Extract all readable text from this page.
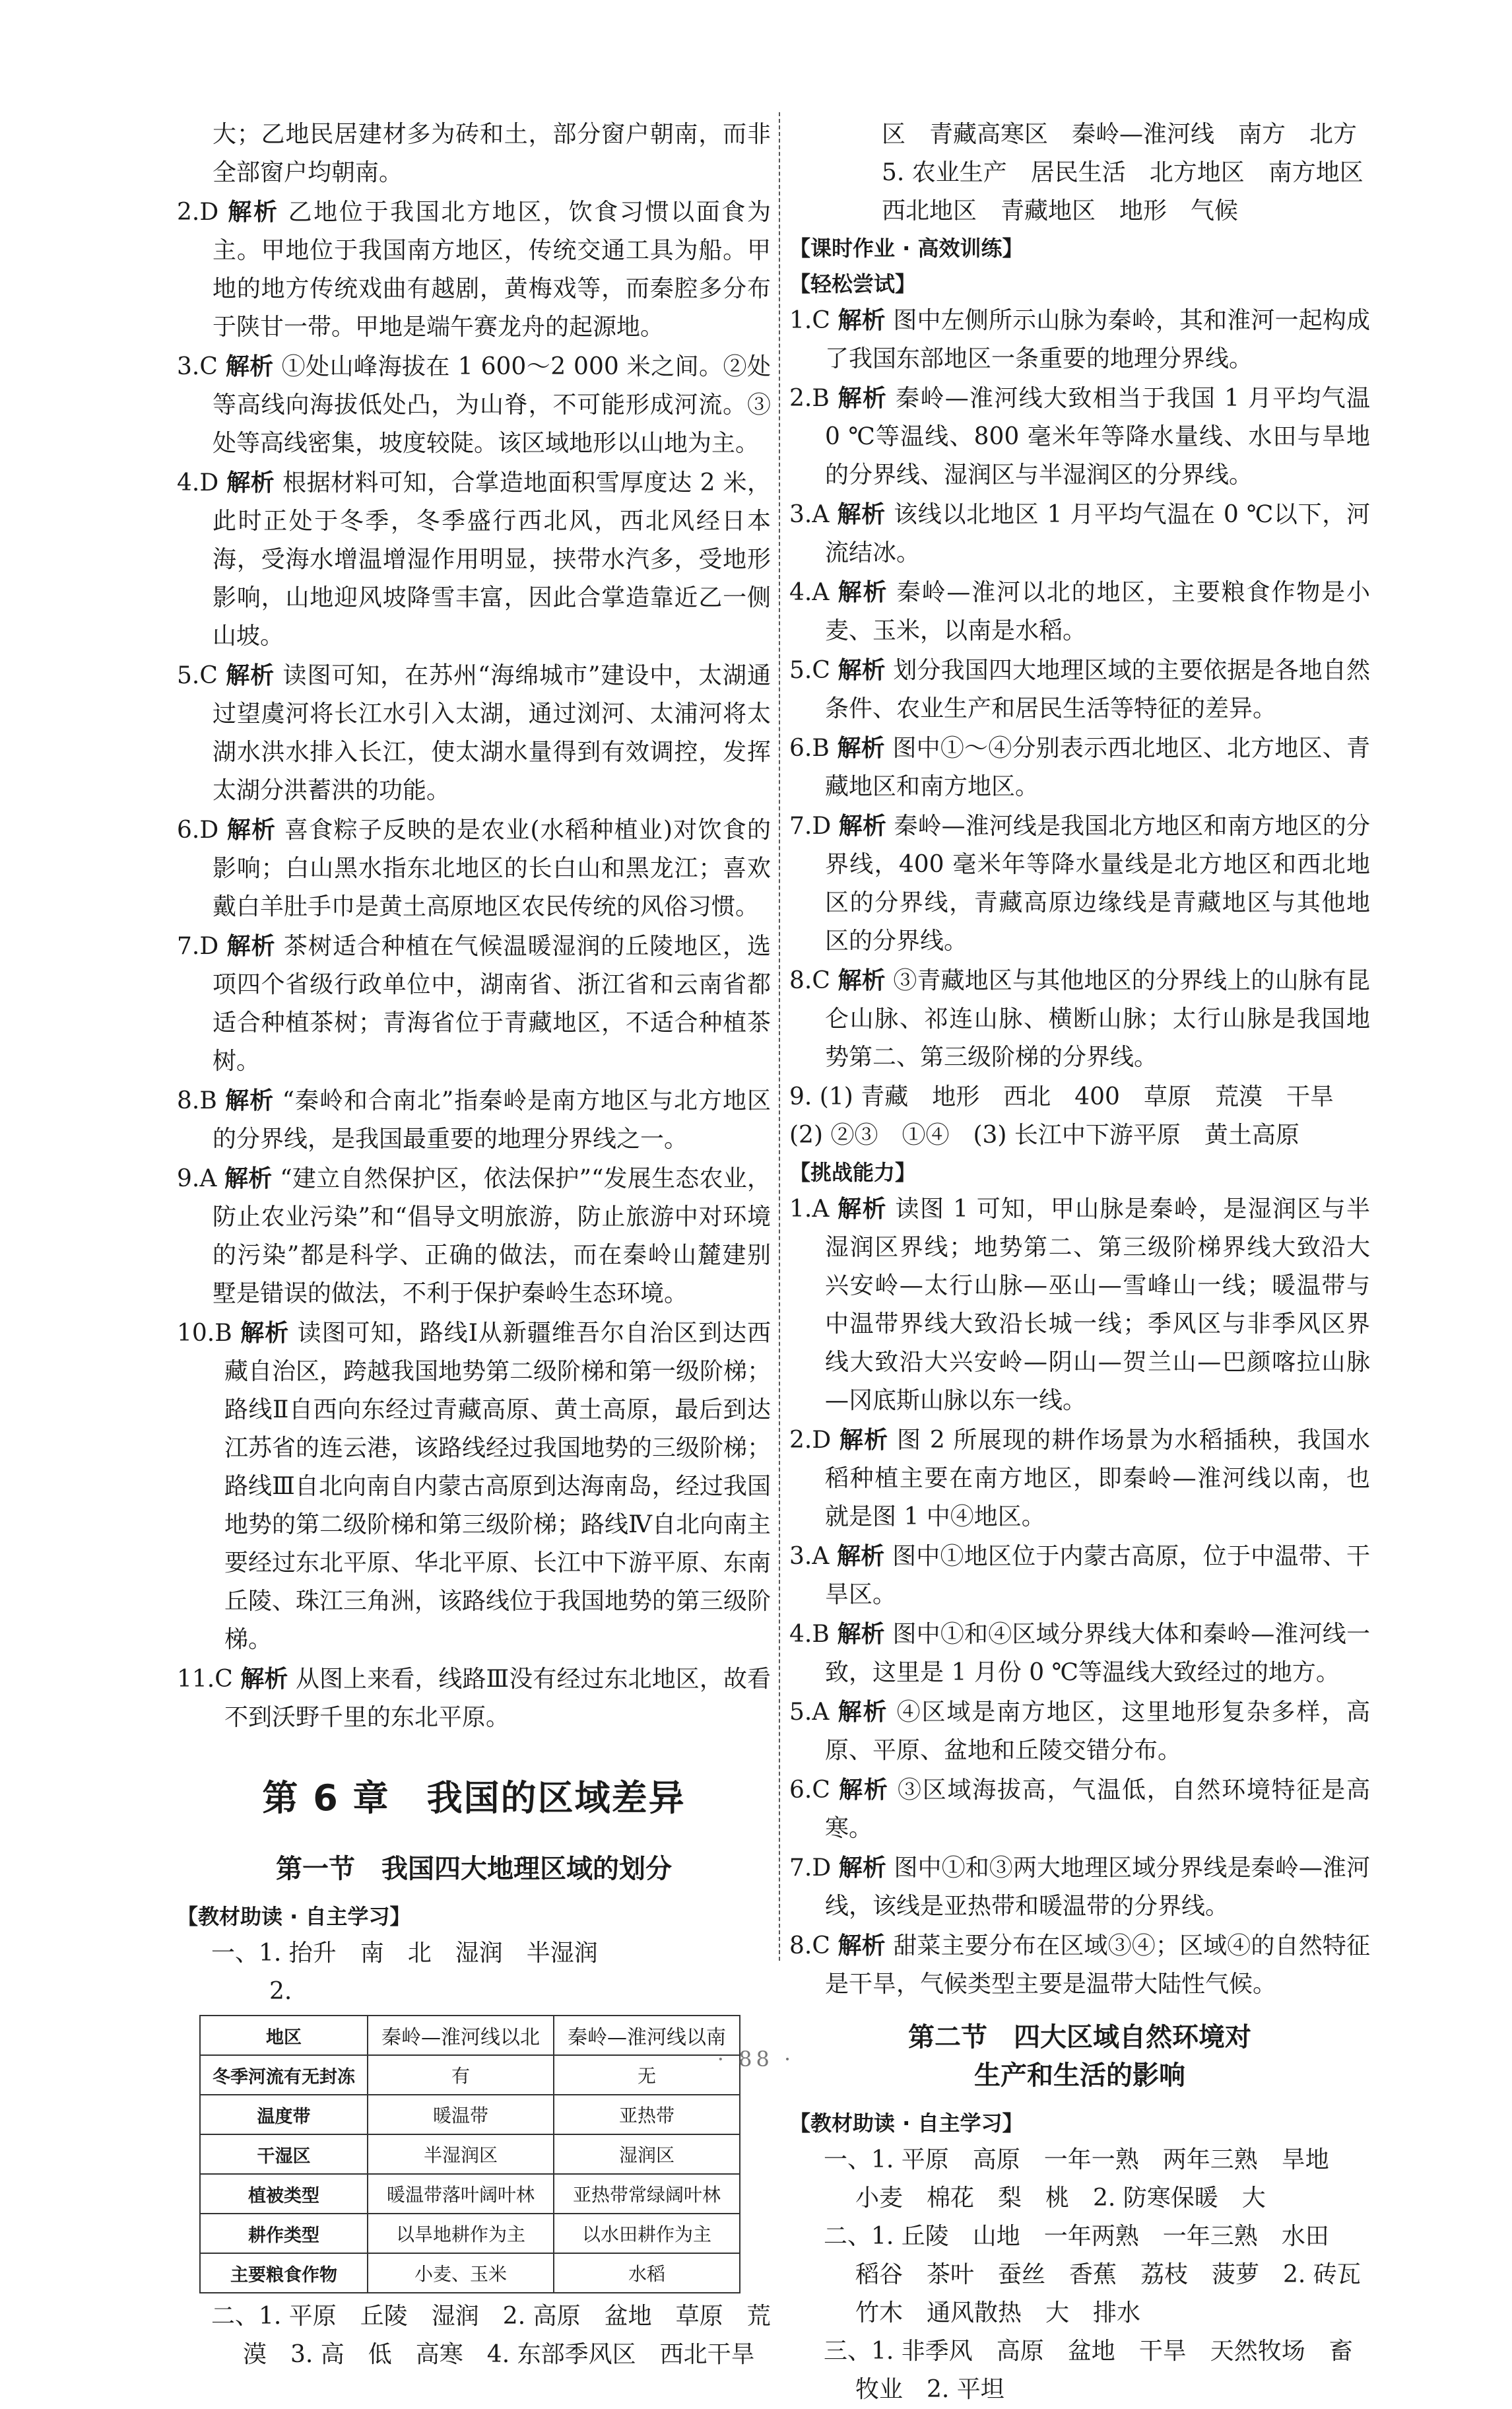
大；乙地民居建材多为砖和土，部分窗户朝南，而非全部窗户均朝南。

2.D 解析 乙地位于我国北方地区，饮食习惯以面食为主。甲地位于我国南方地区，传统交通工具为船。甲地的地方传统戏曲有越剧，黄梅戏等，而秦腔多分布于陕甘一带。甲地是端午赛龙舟的起源地。

3.C 解析 ①处山峰海拔在 1 600～2 000 米之间。②处等高线向海拔低处凸，为山脊，不可能形成河流。③处等高线密集，坡度较陡。该区域地形以山地为主。

4.D 解析 根据材料可知，合掌造地面积雪厚度达 2 米，此时正处于冬季，冬季盛行西北风，西北风经日本海，受海水增温增湿作用明显，挟带水汽多，受地形影响，山地迎风坡降雪丰富，因此合掌造靠近乙一侧山坡。

5.C 解析 读图可知，在苏州“海绵城市”建设中，太湖通过望虞河将长江水引入太湖，通过浏河、太浦河将太湖水洪水排入长江，使太湖水量得到有效调控，发挥太湖分洪蓄洪的功能。

6.D 解析 喜食粽子反映的是农业(水稻种植业)对饮食的影响；白山黑水指东北地区的长白山和黑龙江；喜欢戴白羊肚手巾是黄土高原地区农民传统的风俗习惯。

7.D 解析 茶树适合种植在气候温暖湿润的丘陵地区，选项四个省级行政单位中，湖南省、浙江省和云南省都适合种植茶树；青海省位于青藏地区，不适合种植茶树。

8.B 解析 “秦岭和合南北”指秦岭是南方地区与北方地区的分界线，是我国最重要的地理分界线之一。

9.A 解析 “建立自然保护区，依法保护”“发展生态农业，防止农业污染”和“倡导文明旅游，防止旅游中对环境的污染”都是科学、正确的做法，而在秦岭山麓建别墅是错误的做法，不利于保护秦岭生态环境。

10.B 解析 读图可知，路线Ⅰ从新疆维吾尔自治区到达西藏自治区，跨越我国地势第二级阶梯和第一级阶梯；路线Ⅱ自西向东经过青藏高原、黄土高原，最后到达江苏省的连云港，该路线经过我国地势的三级阶梯；路线Ⅲ自北向南自内蒙古高原到达海南岛，经过我国地势的第二级阶梯和第三级阶梯；路线Ⅳ自北向南主要经过东北平原、华北平原、长江中下游平原、东南丘陵、珠江三角洲，该路线位于我国地势的第三级阶梯。

11.C 解析 从图上来看，线路Ⅲ没有经过东北地区，故看不到沃野千里的东北平原。

第 6 章　我国的区域差异
第一节　我国四大地理区域的划分

【教材助读 · 自主学习】

一、1. 抬升　南　北　湿润　半湿润

2.

地区	秦岭—淮河线以北	秦岭—淮河线以南
冬季河流有无封冻	有	无
温度带	暖温带	亚热带
干湿区	半湿润区	湿润区
植被类型	暖温带落叶阔叶林	亚热带常绿阔叶林
耕作类型	以旱地耕作为主	以水田耕作为主
主要粮食作物	小麦、玉米	水稻

二、1. 平原　丘陵　湿润　2. 高原　盆地　草原　荒漠　3. 高　低　高寒　4. 东部季风区　西北干旱

区　青藏高寒区　秦岭—淮河线　南方　北方

5. 农业生产　居民生活　北方地区　南方地区

西北地区　青藏地区　地形　气候

【课时作业 · 高效训练】

【轻松尝试】

1.C 解析 图中左侧所示山脉为秦岭，其和淮河一起构成了我国东部地区一条重要的地理分界线。

2.B 解析 秦岭—淮河线大致相当于我国 1 月平均气温 0 ℃等温线、800 毫米年等降水量线、水田与旱地的分界线、湿润区与半湿润区的分界线。

3.A 解析 该线以北地区 1 月平均气温在 0 ℃以下，河流结冰。

4.A 解析 秦岭—淮河以北的地区，主要粮食作物是小麦、玉米，以南是水稻。

5.C 解析 划分我国四大地理区域的主要依据是各地自然条件、农业生产和居民生活等特征的差异。

6.B 解析 图中①～④分别表示西北地区、北方地区、青藏地区和南方地区。

7.D 解析 秦岭—淮河线是我国北方地区和南方地区的分界线，400 毫米年等降水量线是北方地区和西北地区的分界线，青藏高原边缘线是青藏地区与其他地区的分界线。

8.C 解析 ③青藏地区与其他地区的分界线上的山脉有昆仑山脉、祁连山脉、横断山脉；太行山脉是我国地势第二、第三级阶梯的分界线。

9. (1) 青藏　地形　西北　400　草原　荒漠　干旱

(2) ②③　①④　(3) 长江中下游平原　黄土高原

【挑战能力】

1.A 解析 读图 1 可知，甲山脉是秦岭，是湿润区与半湿润区界线；地势第二、第三级阶梯界线大致沿大兴安岭—太行山脉—巫山—雪峰山一线；暖温带与中温带界线大致沿长城一线；季风区与非季风区界线大致沿大兴安岭—阴山—贺兰山—巴颜喀拉山脉—冈底斯山脉以东一线。

2.D 解析 图 2 所展现的耕作场景为水稻插秧，我国水稻种植主要在南方地区，即秦岭—淮河线以南，也就是图 1 中④地区。

3.A 解析 图中①地区位于内蒙古高原，位于中温带、干旱区。

4.B 解析 图中①和④区域分界线大体和秦岭—淮河线一致，这里是 1 月份 0 ℃等温线大致经过的地方。

5.A 解析 ④区域是南方地区，这里地形复杂多样，高原、平原、盆地和丘陵交错分布。

6.C 解析 ③区域海拔高，气温低，自然环境特征是高寒。

7.D 解析 图中①和③两大地理区域分界线是秦岭—淮河线，该线是亚热带和暖温带的分界线。

8.C 解析 甜菜主要分布在区域③④；区域④的自然特征是干旱，气候类型主要是温带大陆性气候。

第二节　四大区域自然环境对
生产和生活的影响

【教材助读 · 自主学习】

一、1. 平原　高原　一年一熟　两年三熟　旱地　小麦　棉花　梨　桃　2. 防寒保暖　大

二、1. 丘陵　山地　一年两熟　一年三熟　水田　稻谷　茶叶　蚕丝　香蕉　荔枝　菠萝　2. 砖瓦　竹木　通风散热　大　排水

三、1. 非季风　高原　盆地　干旱　天然牧场　畜牧业　2. 平坦

· 88 ·
